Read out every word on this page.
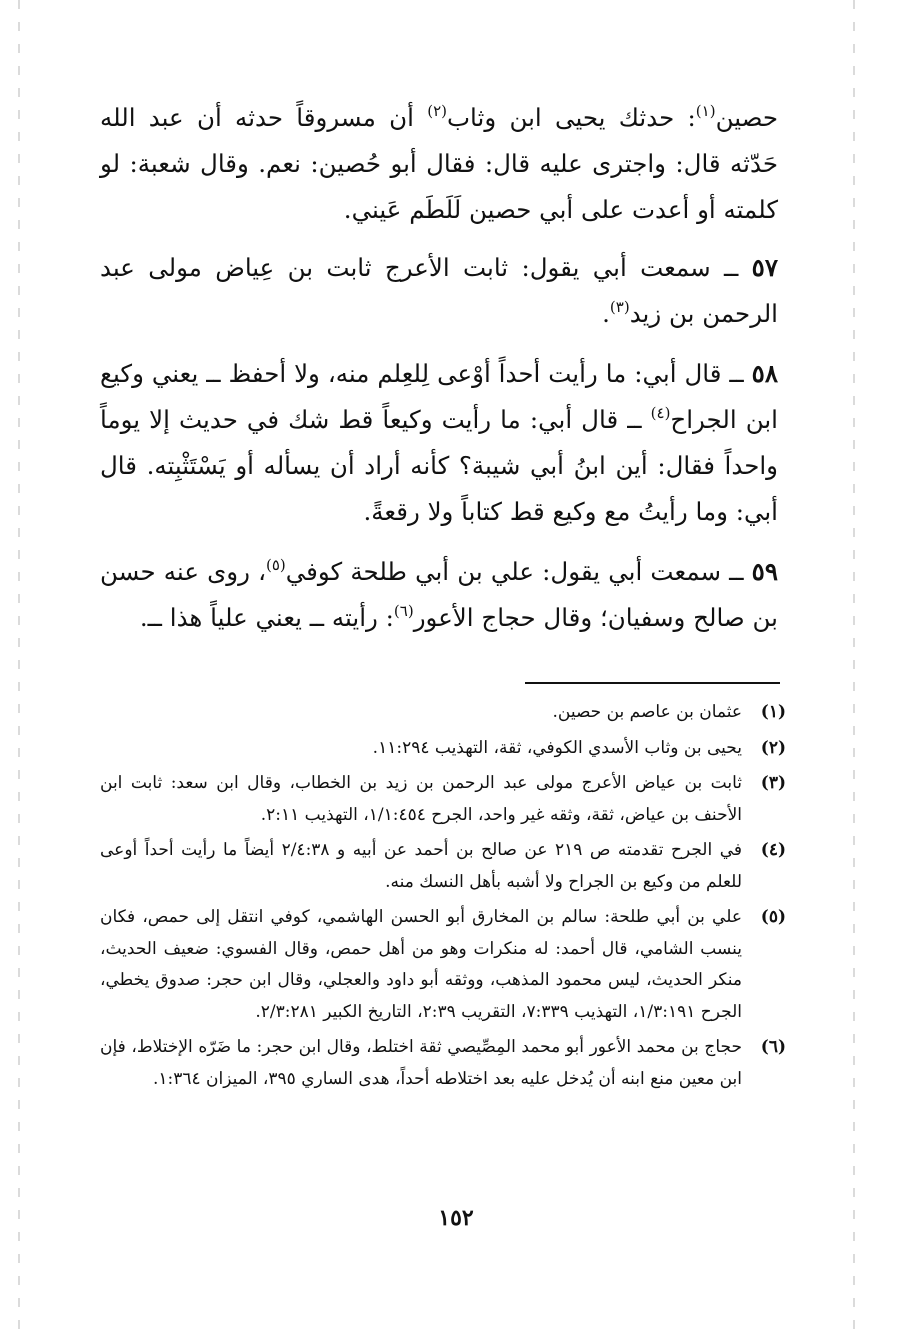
حصين$^{(١)}$: حدثك يحيى ابن وثاب$^{(٢)}$ أن مسروقاً حدثه أن عبد الله حَدّثه قال: واجترى عليه قال: فقال أبو حُصين: نعم. وقال شعبة: لو كلمته أو أعدت على أبي حصين لَلَطَم عَيني.

٥٧ ــ سمعت أبي يقول: ثابت الأعرج ثابت بن عِياض مولى عبد الرحمن بن زيد$^{(٣)}$.

٥٨ ــ قال أبي: ما رأيت أحداً أوْعى لِلعِلم منه، ولا أحفظ ــ يعني وكيع ابن الجراح$^{(٤)}$ ــ قال أبي: ما رأيت وكيعاً قط شك في حديث إلا يوماً واحداً فقال: أين ابنُ أبي شيبة؟ كأنه أراد أن يسأله أو يَسْتَثْبِته. قال أبي: وما رأيتُ مع وكيع قط كتاباً ولا رقعةً.

٥٩ ــ سمعت أبي يقول: علي بن أبي طلحة كوفي$^{(٥)}$، روى عنه حسن بن صالح وسفيان؛ وقال حجاج الأعور$^{(٦)}$: رأيته ــ يعني علياً هذا ــ.

(١)
عثمان بن عاصم بن حصين.
(٢)
يحيى بن وثاب الأسدي الكوفي، ثقة، التهذيب ١١:٢٩٤.
(٣)
ثابت بن عياض الأعرج مولى عبد الرحمن بن زيد بن الخطاب، وقال ابن سعد: ثابت ابن الأحنف بن عياض، ثقة، وثقه غير واحد، الجرح ١/١:٤٥٤، التهذيب ٢:١١.
(٤)
في الجرح تقدمته ص ٢١٩ عن صالح بن أحمد عن أبيه و ٢/٤:٣٨ أيضاً ما رأيت أحداً أوعى للعلم من وكيع بن الجراح ولا أشبه بأهل النسك منه.
(٥)
علي بن أبي طلحة: سالم بن المخارق أبو الحسن الهاشمي، كوفي انتقل إلى حمص، فكان ينسب الشامي، قال أحمد: له منكرات وهو من أهل حمص، وقال الفسوي: ضعيف الحديث، منكر الحديث، ليس محمود المذهب، ووثقه أبو داود والعجلي، وقال ابن حجر: صدوق يخطي، الجرح ١/٣:١٩١، التهذيب ٧:٣٣٩، التقريب ٢:٣٩، التاريخ الكبير ٢/٣:٢٨١.
(٦)
حجاج بن محمد الأعور أبو محمد المِصِّيصي ثقة اختلط، وقال ابن حجر: ما ضَرّه الإختلاط، فإن ابن معين منع ابنه أن يُدخل عليه بعد اختلاطه أحداً، هدى الساري ٣٩٥، الميزان ١:٣٦٤.
١٥٢
